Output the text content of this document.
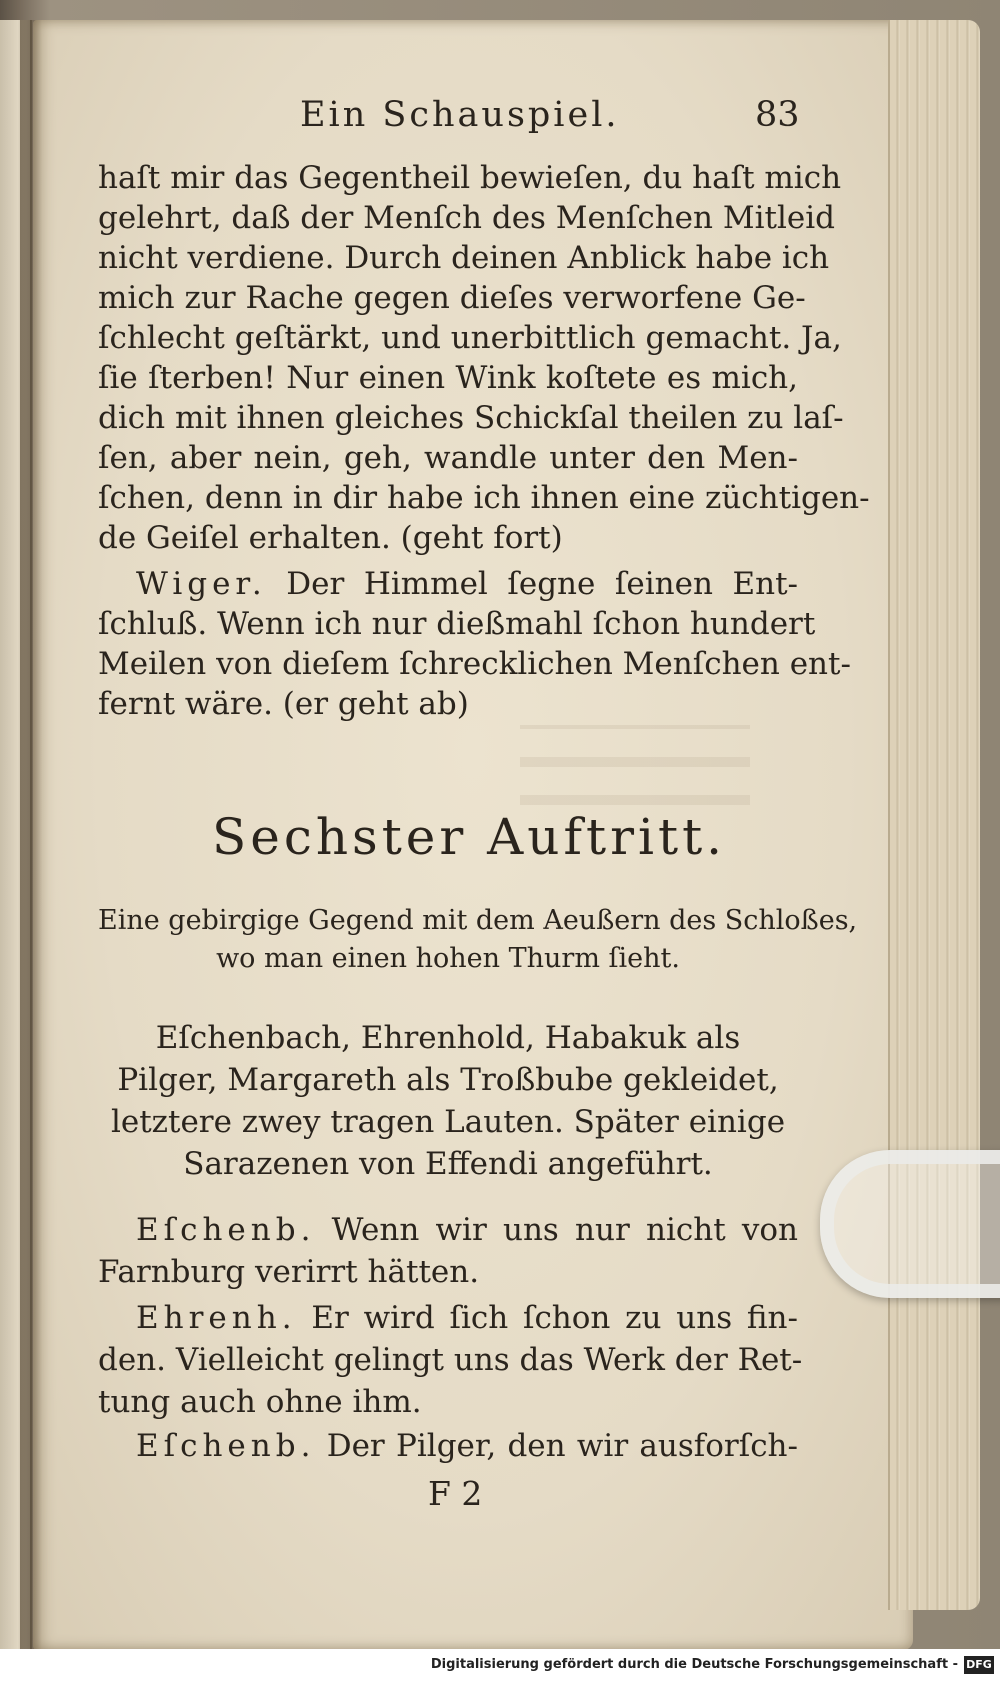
Ein Schauspiel.	83
haſt mir das Gegentheil bewieſen, du haſt mich
gelehrt, daß der Menſch des Menſchen Mitleid
nicht verdiene. Durch deinen Anblick habe ich
mich zur Rache gegen dieſes verworfene Ge-
ſchlecht geſtärkt, und unerbittlich gemacht. Ja,
ſie ſterben! Nur einen Wink koſtete es mich,
dich mit ihnen gleiches Schickſal theilen zu laſ-
ſen, aber nein, geh, wandle unter den Men-
ſchen, denn in dir habe ich ihnen eine züchtigen-
de Geiſel erhalten. (geht fort)
Wiger. Der Himmel ſegne ſeinen Ent-
ſchluß. Wenn ich nur dießmahl ſchon hundert
Meilen von dieſem ſchrecklichen Menſchen ent-
fernt wäre. (er geht ab)
Sechster Auftritt.
Eine gebirgige Gegend mit dem Aeußern des Schloßes,
wo man einen hohen Thurm ſieht.
Eſchenbach, Ehrenhold, Habakuk als
Pilger, Margareth als Troßbube gekleidet,
letztere zwey tragen Lauten. Später einige
Sarazenen von Effendi angeführt.
Eſchenb. Wenn wir uns nur nicht von
Farnburg verirrt hätten.
Ehrenh. Er wird ſich ſchon zu uns fin-
den. Vielleicht gelingt uns das Werk der Ret-
tung auch ohne ihm.
Eſchenb. Der Pilger, den wir ausforſch-
F 2
Digitalisierung gefördert durch die Deutsche Forschungsgemeinschaft - DFG
